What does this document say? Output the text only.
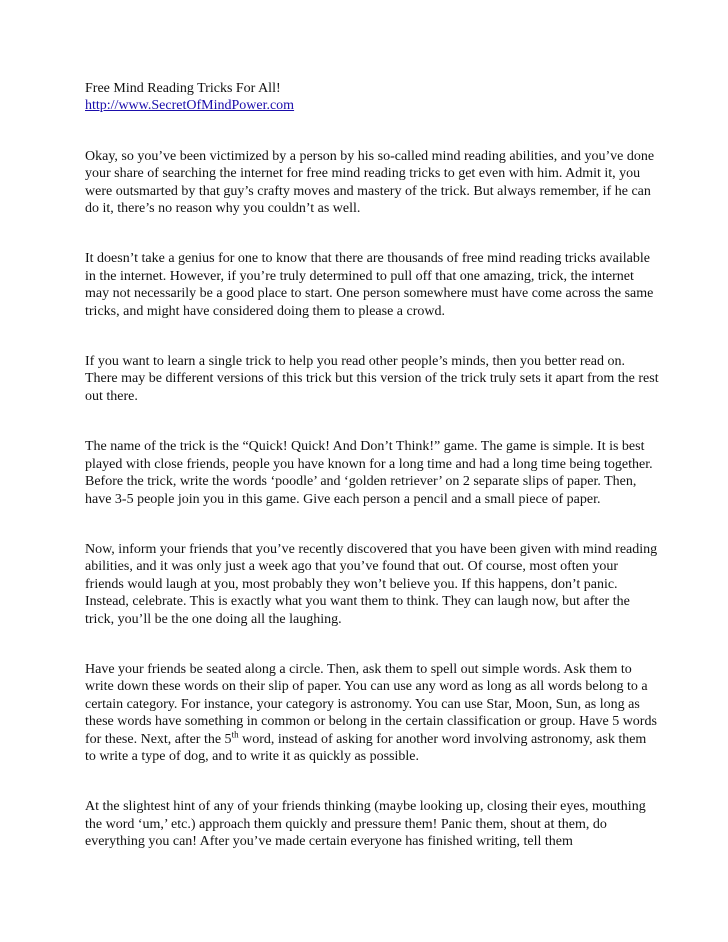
Free Mind Reading Tricks For All!

http://www.SecretOfMindPower.com

Okay, so you’ve been victimized by a person by his so-called mind reading abilities, and you’ve done your share of searching the internet for free mind reading tricks to get even with him. Admit it, you were outsmarted by that guy’s crafty moves and mastery of the trick. But always remember, if he can do it, there’s no reason why you couldn’t as well.

It doesn’t take a genius for one to know that there are thousands of free mind reading tricks available in the internet. However, if you’re truly determined to pull off that one amazing, trick, the internet may not necessarily be a good place to start. One person somewhere must have come across the same tricks, and might have considered doing them to please a crowd.

If you want to learn a single trick to help you read other people’s minds, then you better read on. There may be different versions of this trick but this version of the trick truly sets it apart from the rest out there.

The name of the trick is the “Quick! Quick! And Don’t Think!” game. The game is simple. It is best played with close friends, people you have known for a long time and had a long time being together. Before the trick, write the words ‘poodle’ and ‘golden retriever’ on 2 separate slips of paper. Then, have 3-5 people join you in this game. Give each person a pencil and a small piece of paper.

Now, inform your friends that you’ve recently discovered that you have been given with mind reading abilities, and it was only just a week ago that you’ve found that out. Of course, most often your friends would laugh at you, most probably they won’t believe you. If this happens, don’t panic. Instead, celebrate. This is exactly what you want them to think. They can laugh now, but after the trick, you’ll be the one doing all the laughing.

Have your friends be seated along a circle. Then, ask them to spell out simple words. Ask them to write down these words on their slip of paper. You can use any word as long as all words belong to a certain category. For instance, your category is astronomy. You can use Star, Moon, Sun, as long as these words have something in common or belong in the certain classification or group. Have 5 words for these. Next, after the 5th word, instead of asking for another word involving astronomy, ask them to write a type of dog, and to write it as quickly as possible.

At the slightest hint of any of your friends thinking (maybe looking up, closing their eyes, mouthing the word ‘um,’ etc.) approach them quickly and pressure them! Panic them, shout at them, do everything you can! After you’ve made certain everyone has finished writing, tell them
